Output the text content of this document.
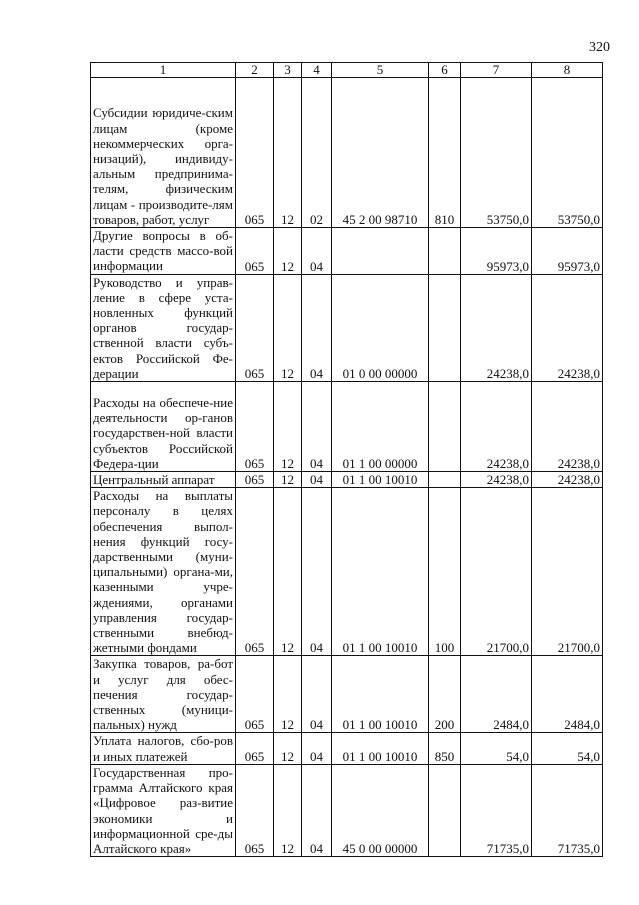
320
1	2	3	4	5	6	7	8
Субсидии юридиче-ским лицам (кроме некоммерческих орга-низаций), индивиду-альным предпринима-телям, физическим лицам - производите-лям товаров, работ, услуг	065	12	02	45 2 00 98710	810	53750,0	53750,0
Другие вопросы в об-ласти средств массо-вой информации	065	12	04			95973,0	95973,0
Руководство и управ-ление в сфере уста-новленных функций органов государ-ственной власти субъ-ектов Российской Фе-дерации	065	12	04	01 0 00 00000		24238,0	24238,0
Расходы на обеспече-ние деятельности ор-ганов государствен-ной власти субъектов Российской Федера-ции	065	12	04	01 1 00 00000		24238,0	24238,0
Центральный аппарат	065	12	04	01 1 00 10010		24238,0	24238,0
Расходы на выплаты персоналу в целях обеспечения выпол-нения функций госу-дарственными (муни-ципальными) органа-ми, казенными учре-ждениями, органами управления государ-ственными внебюд-жетными фондами	065	12	04	01 1 00 10010	100	21700,0	21700,0
Закупка товаров, ра-бот и услуг для обес-печения государ-ственных (муници-пальных) нужд	065	12	04	01 1 00 10010	200	2484,0	2484,0
Уплата налогов, сбо-ров и иных платежей	065	12	04	01 1 00 10010	850	54,0	54,0
Государственная про-грамма Алтайского края «Цифровое раз-витие экономики и информационной сре-ды Алтайского края»	065	12	04	45 0 00 00000		71735,0	71735,0
